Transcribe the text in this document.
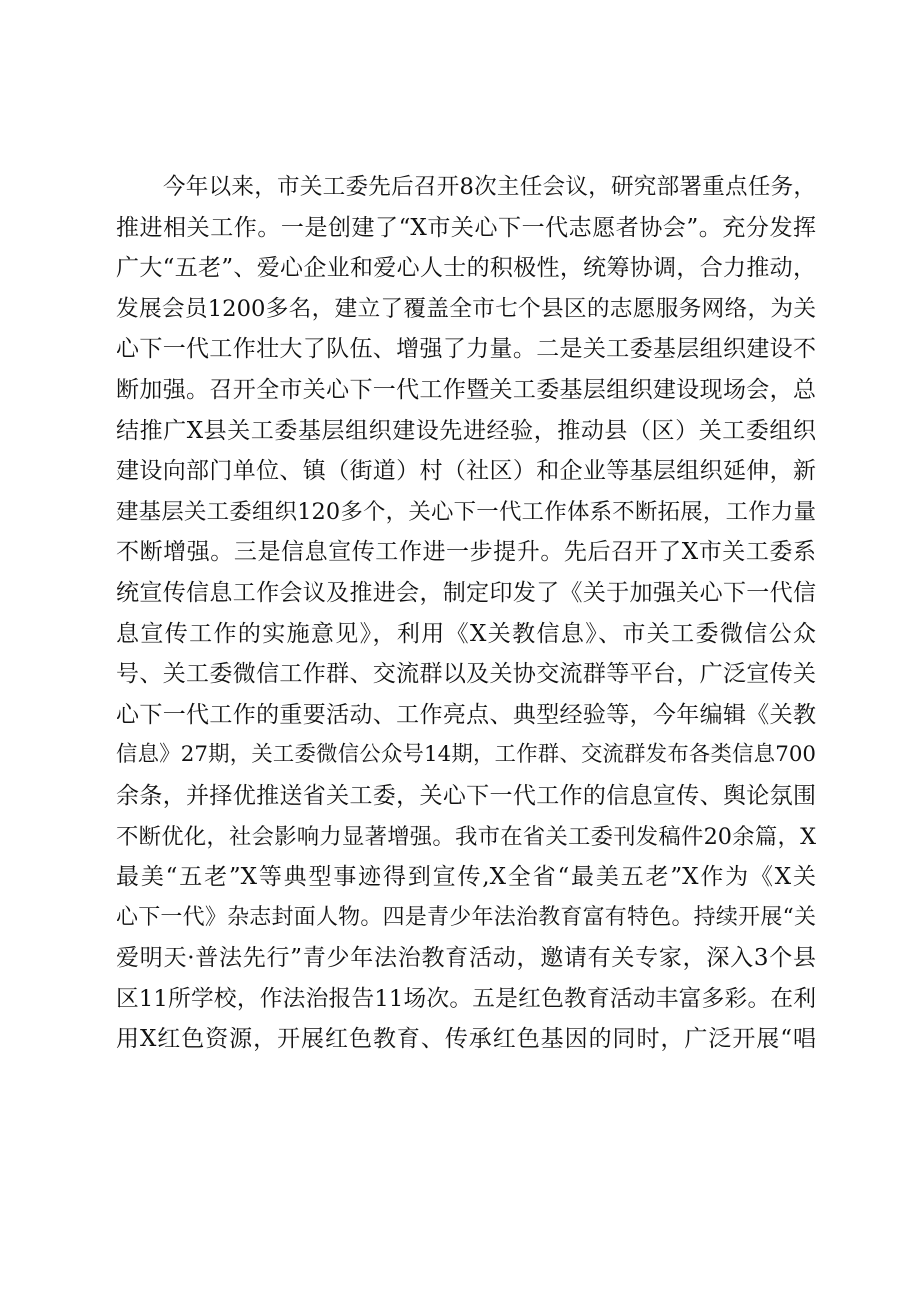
今年以来，市关工委先后召开8次主任会议，研究部署重点任务，
推进相关工作。一是创建了“X市关心下一代志愿者协会”。充分发挥
广大“五老”、爱心企业和爱心人士的积极性，统筹协调，合力推动，
发展会员1200多名，建立了覆盖全市七个县区的志愿服务网络，为关
心下一代工作壮大了队伍、增强了力量。二是关工委基层组织建设不
断加强。召开全市关心下一代工作暨关工委基层组织建设现场会，总
结推广X县关工委基层组织建设先进经验，推动县（区）关工委组织
建设向部门单位、镇（街道）村（社区）和企业等基层组织延伸，新
建基层关工委组织120多个，关心下一代工作体系不断拓展，工作力量
不断增强。三是信息宣传工作进一步提升。先后召开了X市关工委系
统宣传信息工作会议及推进会，制定印发了《关于加强关心下一代信
息宣传工作的实施意见》，利用《X关教信息》、市关工委微信公众
号、关工委微信工作群、交流群以及关协交流群等平台，广泛宣传关
心下一代工作的重要活动、工作亮点、典型经验等，今年编辑《关教
信息》27期，关工委微信公众号14期，工作群、交流群发布各类信息700
余条，并择优推送省关工委，关心下一代工作的信息宣传、舆论氛围
不断优化，社会影响力显著增强。我市在省关工委刊发稿件20余篇，X
最美“五老”X等典型事迹得到宣传,X全省“最美五老”X作为《X关
心下一代》杂志封面人物。四是青少年法治教育富有特色。持续开展“关
爱明天·普法先行”青少年法治教育活动，邀请有关专家，深入3个县
区11所学校，作法治报告11场次。五是红色教育活动丰富多彩。在利
用X红色资源，开展红色教育、传承红色基因的同时，广泛开展“唱
